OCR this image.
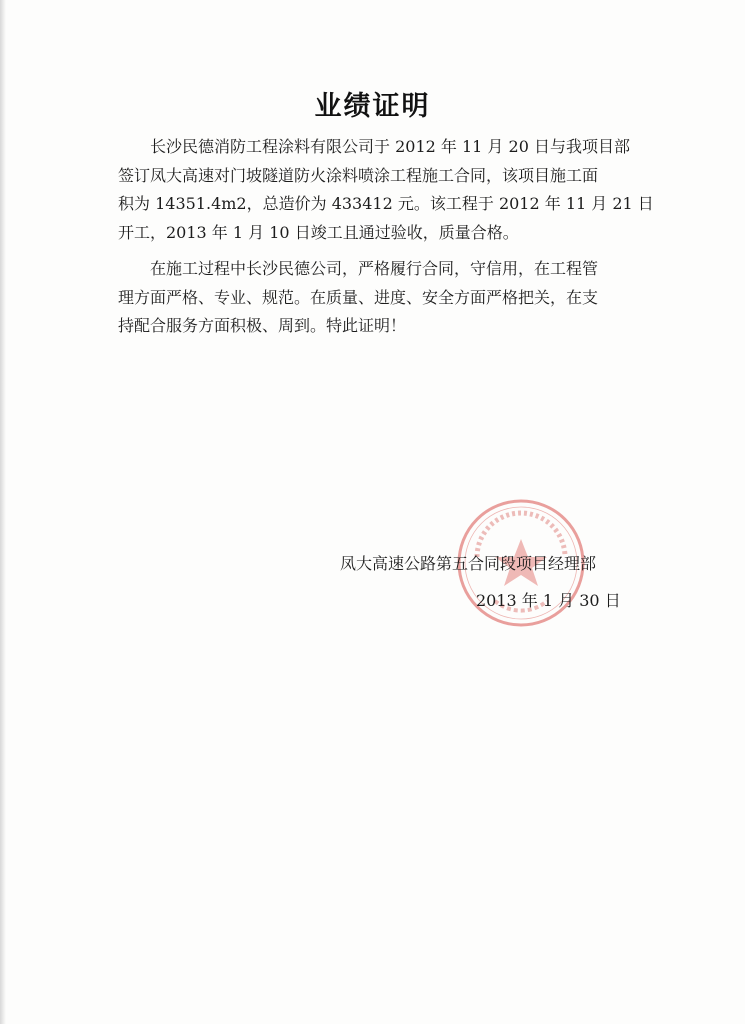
业绩证明

长沙民德消防工程涂料有限公司于 2012 年 11 月 20 日与我项目部

签订凤大高速对门坡隧道防火涂料喷涂工程施工合同，该项目施工面

积为 14351.4m2，总造价为 433412 元。该工程于 2012 年 11 月 21 日

开工，2013 年 1 月 10 日竣工且通过验收，质量合格。

在施工过程中长沙民德公司，严格履行合同，守信用，在工程管

理方面严格、专业、规范。在质量、进度、安全方面严格把关，在支

持配合服务方面积极、周到。特此证明！

凤大高速公路第五合同段项目经理部
2013 年 1 月 30 日
